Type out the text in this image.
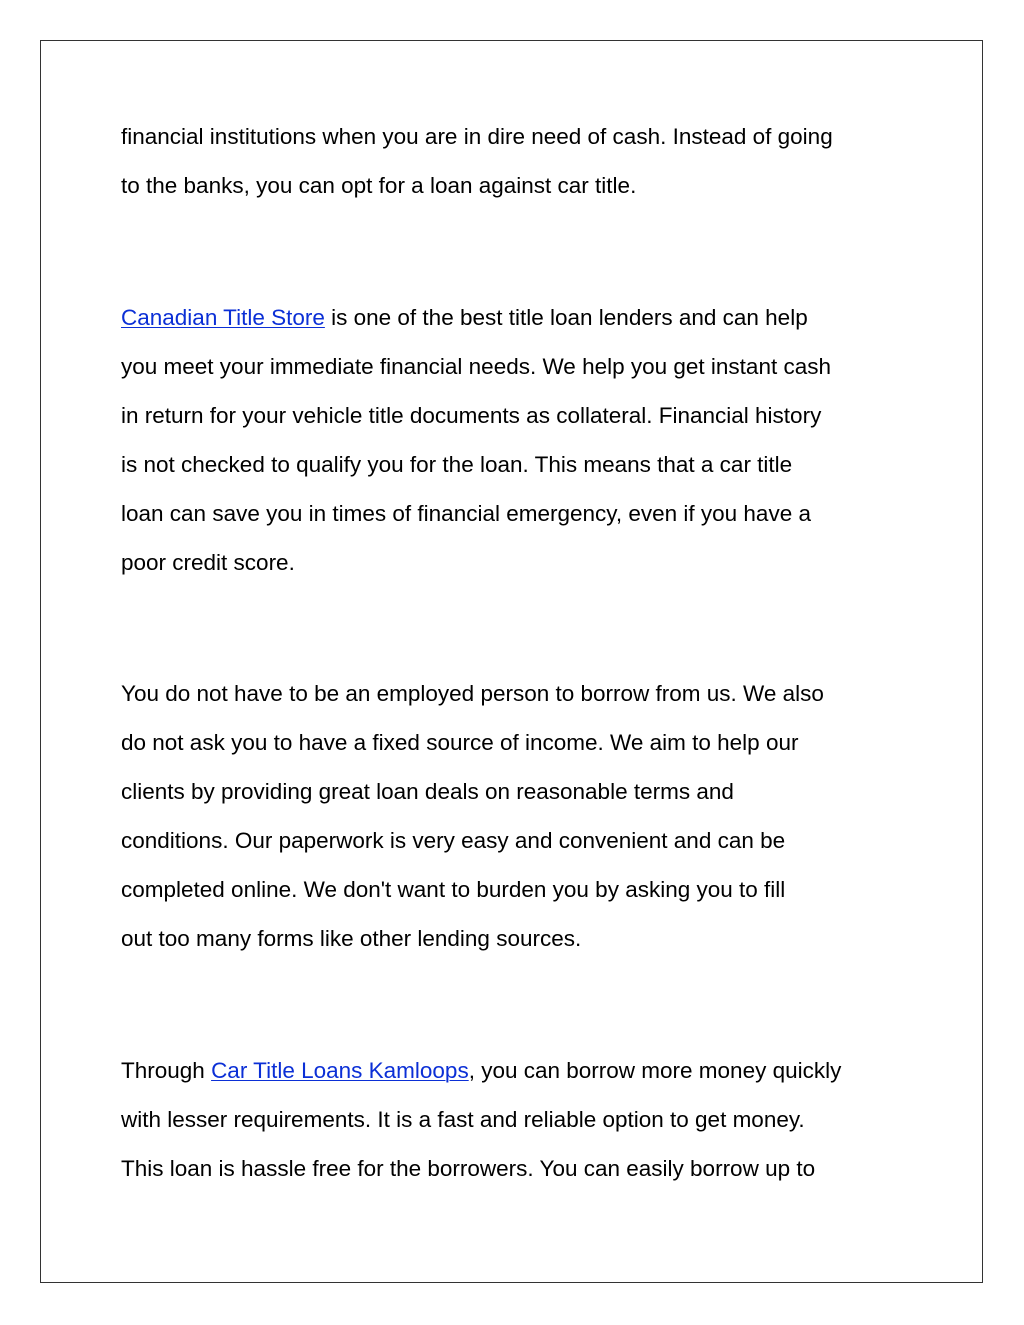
financial institutions when you are in dire need of cash. Instead of going
to the banks, you can opt for a loan against car title.
Canadian Title Store is one of the best title loan lenders and can help
you meet your immediate financial needs. We help you get instant cash
in return for your vehicle title documents as collateral. Financial history
is not checked to qualify you for the loan. This means that a car title
loan can save you in times of financial emergency, even if you have a
poor credit score.
You do not have to be an employed person to borrow from us. We also
do not ask you to have a fixed source of income. We aim to help our
clients by providing great loan deals on reasonable terms and
conditions. Our paperwork is very easy and convenient and can be
completed online. We don't want to burden you by asking you to fill
out too many forms like other lending sources.
Through Car Title Loans Kamloops, you can borrow more money quickly
with lesser requirements. It is a fast and reliable option to get money.
This loan is hassle free for the borrowers. You can easily borrow up to
